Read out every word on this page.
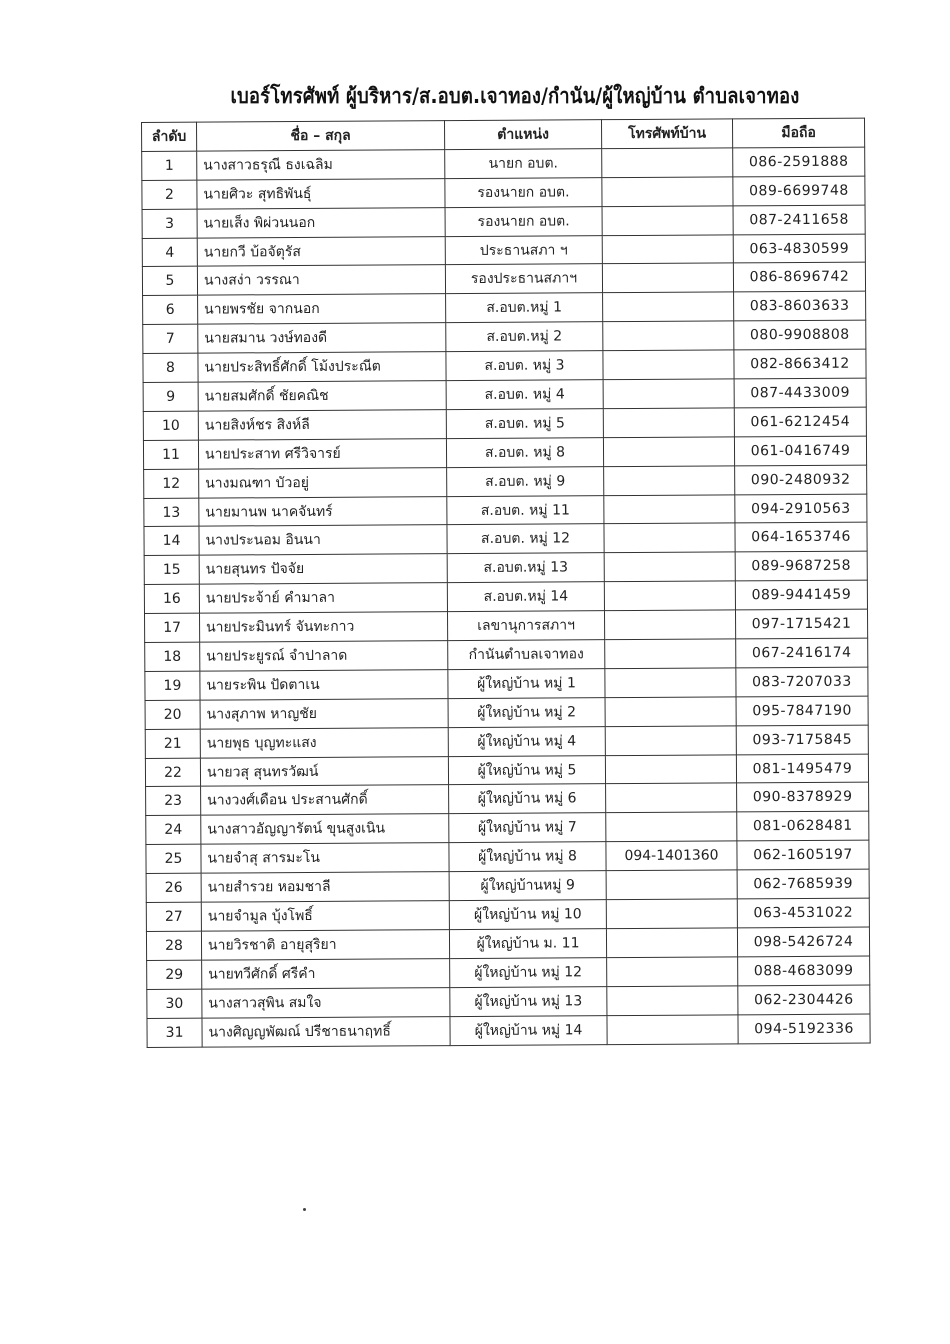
เบอร์โทรศัพท์ ผู้บริหาร/ส.อบต.เจาทอง/กำนัน/ผู้ใหญ่บ้าน ตำบลเจาทอง
ลำดับ	ชื่อ – สกุล	ตำแหน่ง	โทรศัพท์บ้าน	มือถือ
1	นางสาวธรุณี ธงเฉลิม	นายก อบต.		086-2591888
2	นายศิวะ สุทธิพันธุ์	รองนายก อบต.		089-6699748
3	นายเส็ง พิผ่วนนอก	รองนายก อบต.		087-2411658
4	นายกวี บ้อจัตุรัส	ประธานสภา ฯ		063-4830599
5	นางสง่า วรรณา	รองประธานสภาฯ		086-8696742
6	นายพรชัย จากนอก	ส.อบต.หมู่ 1		083-8603633
7	นายสมาน วงษ์ทองดี	ส.อบต.หมู่ 2		080-9908808
8	นายประสิทธิ์ศักดิ์ โม้งประณีต	ส.อบต. หมู่ 3		082-8663412
9	นายสมศักดิ์ ชัยคณิช	ส.อบต. หมู่ 4		087-4433009
10	นายสิงห์ชร สิงห์ลี	ส.อบต. หมู่ 5		061-6212454
11	นายประสาท ศรีวิจารย์	ส.อบต. หมู่ 8		061-0416749
12	นางมณฑา บัวอยู่	ส.อบต. หมู่ 9		090-2480932
13	นายมานพ นาคจันทร์	ส.อบต. หมู่ 11		094-2910563
14	นางประนอม อินนา	ส.อบต. หมู่ 12		064-1653746
15	นายสุนทร ปัจจัย	ส.อบต.หมู่ 13		089-9687258
16	นายประจ้าย์ คำมาลา	ส.อบต.หมู่ 14		089-9441459
17	นายประมินทร์ จันทะกาว	เลขานุการสภาฯ		097-1715421
18	นายประยูรณ์ จำปาลาด	กำนันตำบลเจาทอง		067-2416174
19	นายระพิน ปัดตาเน	ผู้ใหญ่บ้าน หมู่ 1		083-7207033
20	นางสุภาพ หาญชัย	ผู้ใหญ่บ้าน หมู่ 2		095-7847190
21	นายพุธ บุญทะแสง	ผู้ใหญ่บ้าน หมู่ 4		093-7175845
22	นายวสุ สุนทรวัฒน์	ผู้ใหญ่บ้าน หมู่ 5		081-1495479
23	นางวงศ์เดือน ประสานศักดิ์	ผู้ใหญ่บ้าน หมู่ 6		090-8378929
24	นางสาวอัญญารัตน์ ขุนสูงเนิน	ผู้ใหญ่บ้าน หมู่ 7		081-0628481
25	นายจำสุ สารมะโน	ผู้ใหญ่บ้าน หมู่ 8	094-1401360	062-1605197
26	นายสำรวย หอมชาลี	ผู้ใหญ่บ้านหมู่ 9		062-7685939
27	นายจำมูล บุ้งโพธิ์	ผู้ใหญ่บ้าน หมู่ 10		063-4531022
28	นายวิรชาติ อายุสุริยา	ผู้ใหญ่บ้าน ม. 11		098-5426724
29	นายทวีศักดิ์ ศรีคำ	ผู้ใหญ่บ้าน หมู่ 12		088-4683099
30	นางสาวสุพิน สมใจ	ผู้ใหญ่บ้าน หมู่ 13		062-2304426
31	นางศิญญพัฒณ์ ปรีชาธนาฤทธิ์	ผู้ใหญ่บ้าน หมู่ 14		094-5192336
